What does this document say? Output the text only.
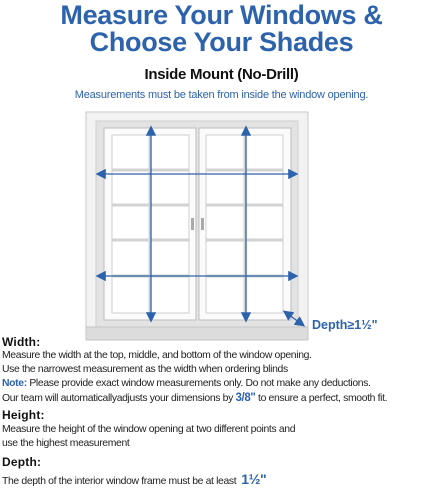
Measure Your Windows &
Choose Your Shades
Inside Mount (No-Drill)
Measurements must be taken from inside the window opening.
Depth≥1½"
Width:
Measure the width at the top, middle, and bottom of the window opening.
Use the narrowest measurement as the width when ordering blinds
Note: Please provide exact window measurements only. Do not make any deductions.
Our team will automaticallyadjusts your dimensions by 3/8" to ensure a perfect, smooth fit.
Height:
Measure the height of the window opening at two different points and
use the highest measurement
Depth:
The depth of the interior window frame must be at least 1½"
